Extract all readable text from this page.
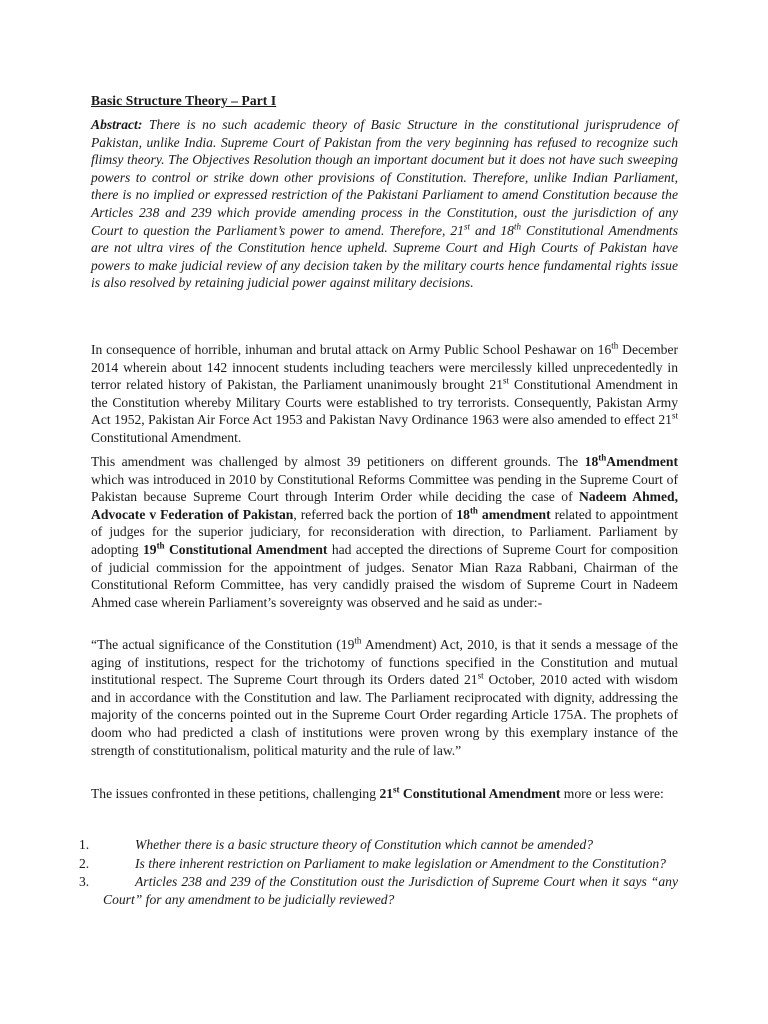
Basic Structure Theory – Part I
Abstract: There is no such academic theory of Basic Structure in the constitutional jurisprudence of Pakistan, unlike India. Supreme Court of Pakistan from the very beginning has refused to recognize such flimsy theory. The Objectives Resolution though an important document but it does not have such sweeping powers to control or strike down other provisions of Constitution. Therefore, unlike Indian Parliament, there is no implied or expressed restriction of the Pakistani Parliament to amend Constitution because the Articles 238 and 239 which provide amending process in the Constitution, oust the jurisdiction of any Court to question the Parliament’s power to amend. Therefore, 21st and 18th Constitutional Amendments are not ultra vires of the Constitution hence upheld. Supreme Court and High Courts of Pakistan have powers to make judicial review of any decision taken by the military courts hence fundamental rights issue is also resolved by retaining judicial power against military decisions.
In consequence of horrible, inhuman and brutal attack on Army Public School Peshawar on 16th December 2014 wherein about 142 innocent students including teachers were mercilessly killed unprecedentedly in terror related history of Pakistan, the Parliament unanimously brought 21st Constitutional Amendment in the Constitution whereby Military Courts were established to try terrorists. Consequently, Pakistan Army Act 1952, Pakistan Air Force Act 1953 and Pakistan Navy Ordinance 1963 were also amended to effect 21st Constitutional Amendment.
This amendment was challenged by almost 39 petitioners on different grounds. The 18thAmendment which was introduced in 2010 by Constitutional Reforms Committee was pending in the Supreme Court of Pakistan because Supreme Court through Interim Order while deciding the case of Nadeem Ahmed, Advocate v Federation of Pakistan, referred back the portion of 18th amendment related to appointment of judges for the superior judiciary, for reconsideration with direction, to Parliament. Parliament by adopting 19th Constitutional Amendment had accepted the directions of Supreme Court for composition of judicial commission for the appointment of judges. Senator Mian Raza Rabbani, Chairman of the Constitutional Reform Committee, has very candidly praised the wisdom of Supreme Court in Nadeem Ahmed case wherein Parliament’s sovereignty was observed and he said as under:-
“The actual significance of the Constitution (19th Amendment) Act, 2010, is that it sends a message of the aging of institutions, respect for the trichotomy of functions specified in the Constitution and mutual institutional respect. The Supreme Court through its Orders dated 21st October, 2010 acted with wisdom and in accordance with the Constitution and law. The Parliament reciprocated with dignity, addressing the majority of the concerns pointed out in the Supreme Court Order regarding Article 175A. The prophets of doom who had predicted a clash of institutions were proven wrong by this exemplary instance of the strength of constitutionalism, political maturity and the rule of law.”
The issues confronted in these petitions, challenging 21st Constitutional Amendment more or less were:
1.	Whether there is a basic structure theory of Constitution which cannot be amended?
2.	Is there inherent restriction on Parliament to make legislation or Amendment to the Constitution?
3.	Articles 238 and 239 of the Constitution oust the Jurisdiction of Supreme Court when it says “any Court” for any amendment to be judicially reviewed?
